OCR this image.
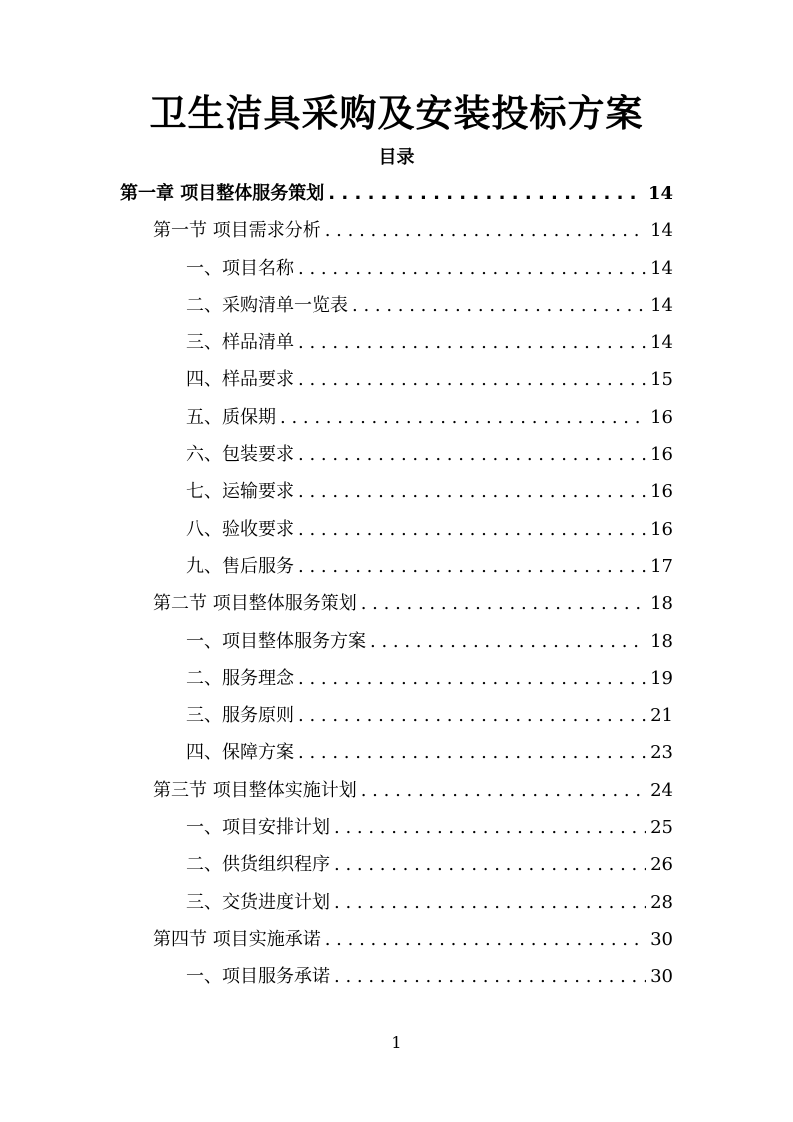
卫生洁具采购及安装投标方案
目录
第一章 项目整体服务策划 . . .	14
第一节 项目需求分析 . . .	14
一、项目名称 . . .	14
二、采购清单一览表 . . .	14
三、样品清单 . . .	14
四、样品要求 . . .	15
五、质保期 . . .	16
六、包装要求 . . .	16
七、运输要求 . . .	16
八、验收要求 . . .	16
九、售后服务 . . .	17
第二节 项目整体服务策划 . . .	18
一、项目整体服务方案 . . .	18
二、服务理念 . . .	19
三、服务原则 . . .	21
四、保障方案 . . .	23
第三节 项目整体实施计划 . . .	24
一、项目安排计划 . . .	25
二、供货组织程序 . . .	26
三、交货进度计划 . . .	28
第四节 项目实施承诺 . . .	30
一、项目服务承诺 . . .	30
1
